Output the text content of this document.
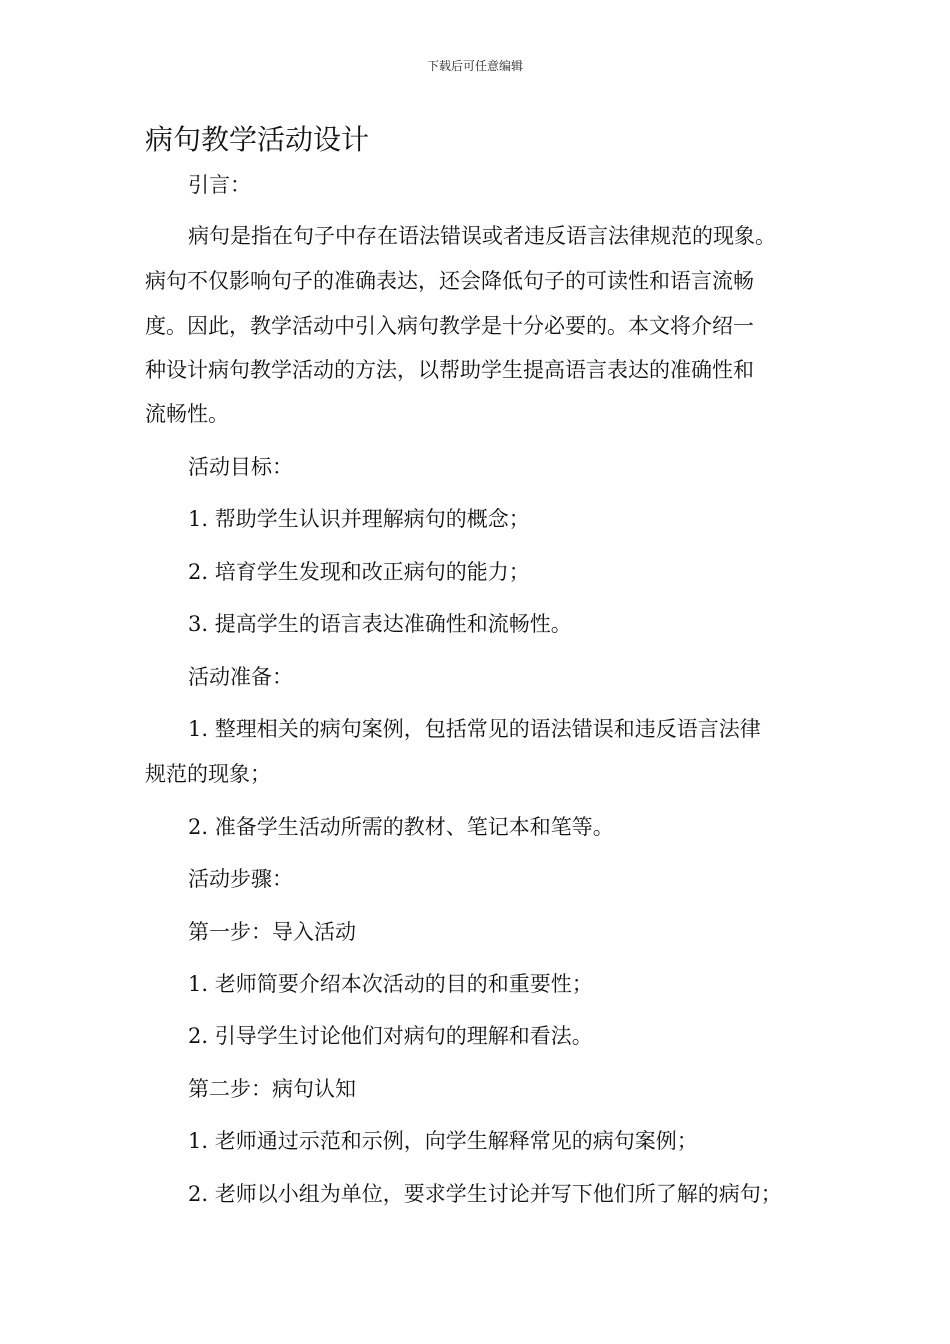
下载后可任意编辑
病句教学活动设计

引言：

病句是指在句子中存在语法错误或者违反语言法律规范的现象。

病句不仅影响句子的准确表达，还会降低句子的可读性和语言流畅

度。因此，教学活动中引入病句教学是十分必要的。本文将介绍一

种设计病句教学活动的方法，以帮助学生提高语言表达的准确性和

流畅性。

活动目标：

1. 帮助学生认识并理解病句的概念；

2. 培育学生发现和改正病句的能力；

3. 提高学生的语言表达准确性和流畅性。

活动准备：

1. 整理相关的病句案例，包括常见的语法错误和违反语言法律

规范的现象；

2. 准备学生活动所需的教材、笔记本和笔等。

活动步骤：

第一步：导入活动

1. 老师简要介绍本次活动的目的和重要性；

2. 引导学生讨论他们对病句的理解和看法。

第二步：病句认知

1. 老师通过示范和示例，向学生解释常见的病句案例；

2. 老师以小组为单位，要求学生讨论并写下他们所了解的病句；
